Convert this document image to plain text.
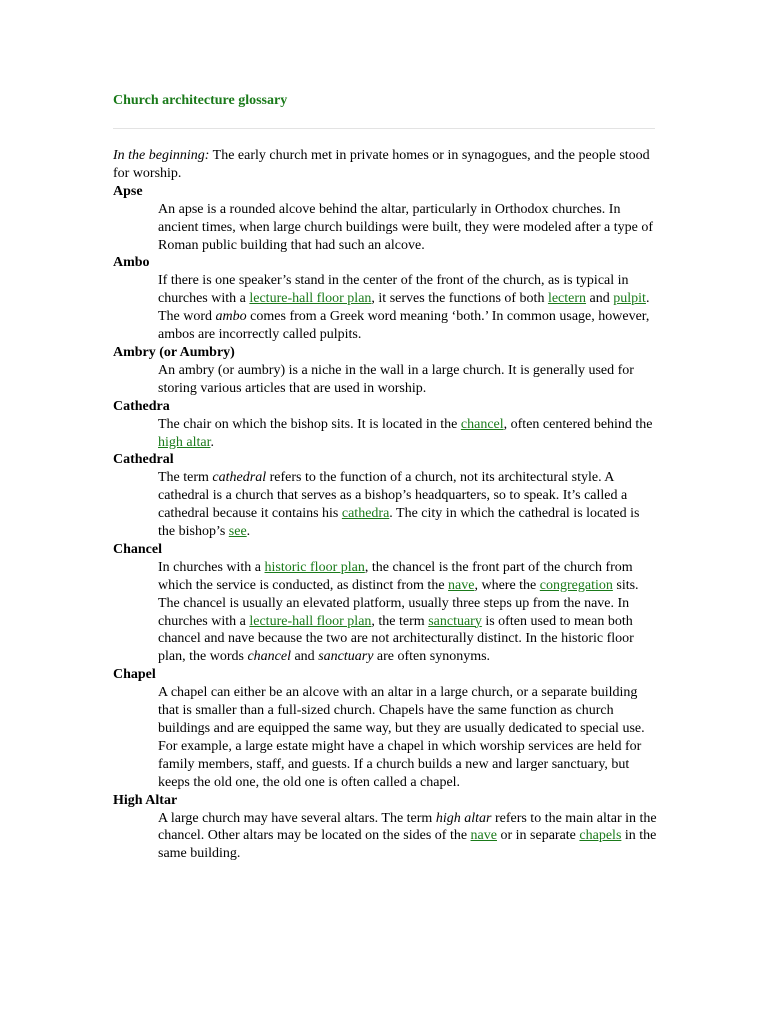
Church architecture glossary

In the beginning: The early church met in private homes or in synagogues, and the people stood for worship.

Apse

An apse is a rounded alcove behind the altar, particularly in Orthodox churches. In ancient times, when large church buildings were built, they were modeled after a type of Roman public building that had such an alcove.

Ambo

If there is one speaker’s stand in the center of the front of the church, as is typical in churches with a lecture-hall floor plan, it serves the functions of both lectern and pulpit. The word ambo comes from a Greek word meaning ‘both.’ In common usage, however, ambos are incorrectly called pulpits.

Ambry (or Aumbry)

An ambry (or aumbry) is a niche in the wall in a large church. It is generally used for storing various articles that are used in worship.

Cathedra

The chair on which the bishop sits. It is located in the chancel, often centered behind the high altar.

Cathedral

The term cathedral refers to the function of a church, not its architectural style. A cathedral is a church that serves as a bishop’s headquarters, so to speak. It’s called a cathedral because it contains his cathedra. The city in which the cathedral is located is the bishop’s see.

Chancel

In churches with a historic floor plan, the chancel is the front part of the church from which the service is conducted, as distinct from the nave, where the congregation sits. The chancel is usually an elevated platform, usually three steps up from the nave. In churches with a lecture-hall floor plan, the term sanctuary is often used to mean both chancel and nave because the two are not architecturally distinct. In the historic floor plan, the words chancel and sanctuary are often synonyms.

Chapel

A chapel can either be an alcove with an altar in a large church, or a separate building that is smaller than a full-sized church. Chapels have the same function as church buildings and are equipped the same way, but they are usually dedicated to special use. For example, a large estate might have a chapel in which worship services are held for family members, staff, and guests. If a church builds a new and larger sanctuary, but keeps the old one, the old one is often called a chapel.

High Altar

A large church may have several altars. The term high altar refers to the main altar in the chancel. Other altars may be located on the sides of the nave or in separate chapels in the same building.
